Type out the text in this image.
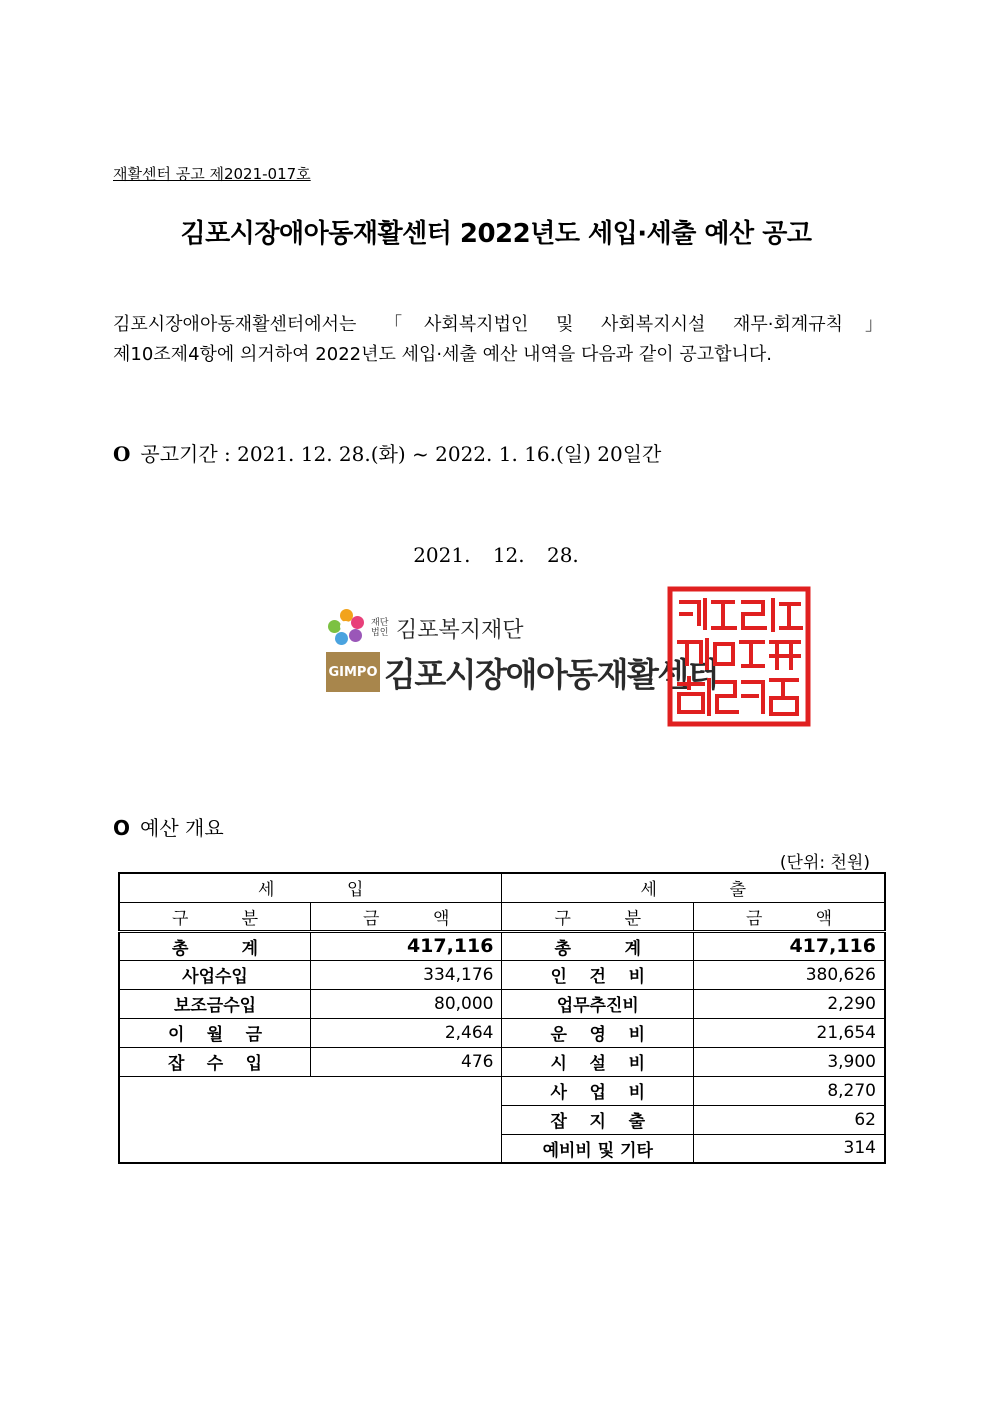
재활센터 공고 제2021-017호
김포시장애아동재활센터 2022년도 세입·세출 예산 공고

김포시장애아동재활센터에서는 「사회복지법인 및 사회복지시설 재무·회계규칙」

제10조제4항에 의거하여 2022년도 세입·세출 예산 내역을 다음과 같이 공고합니다.

O 공고기간 : 2021. 12. 28.(화) ~ 2022. 1. 16.(일) 20일간
2021. 12. 28.
재단법인 김포복지재단
GIMPO 김포시장애아동재활센터
O 예산 개요
(단위: 천원)
세 입		세 출	

구 분	금 액	구 분	금 액

총 계	417,116	총 계	417,116

사업수입	334,176	인 건 비	380,626

보조금수입	80,000	업무추진비	2,290

이 월 금	2,464	운 영 비	21,654

잡 수 입	476	시 설 비	3,900

		사 업 비	8,270

		잡 지 출	62

		예비비 및 기타	314
